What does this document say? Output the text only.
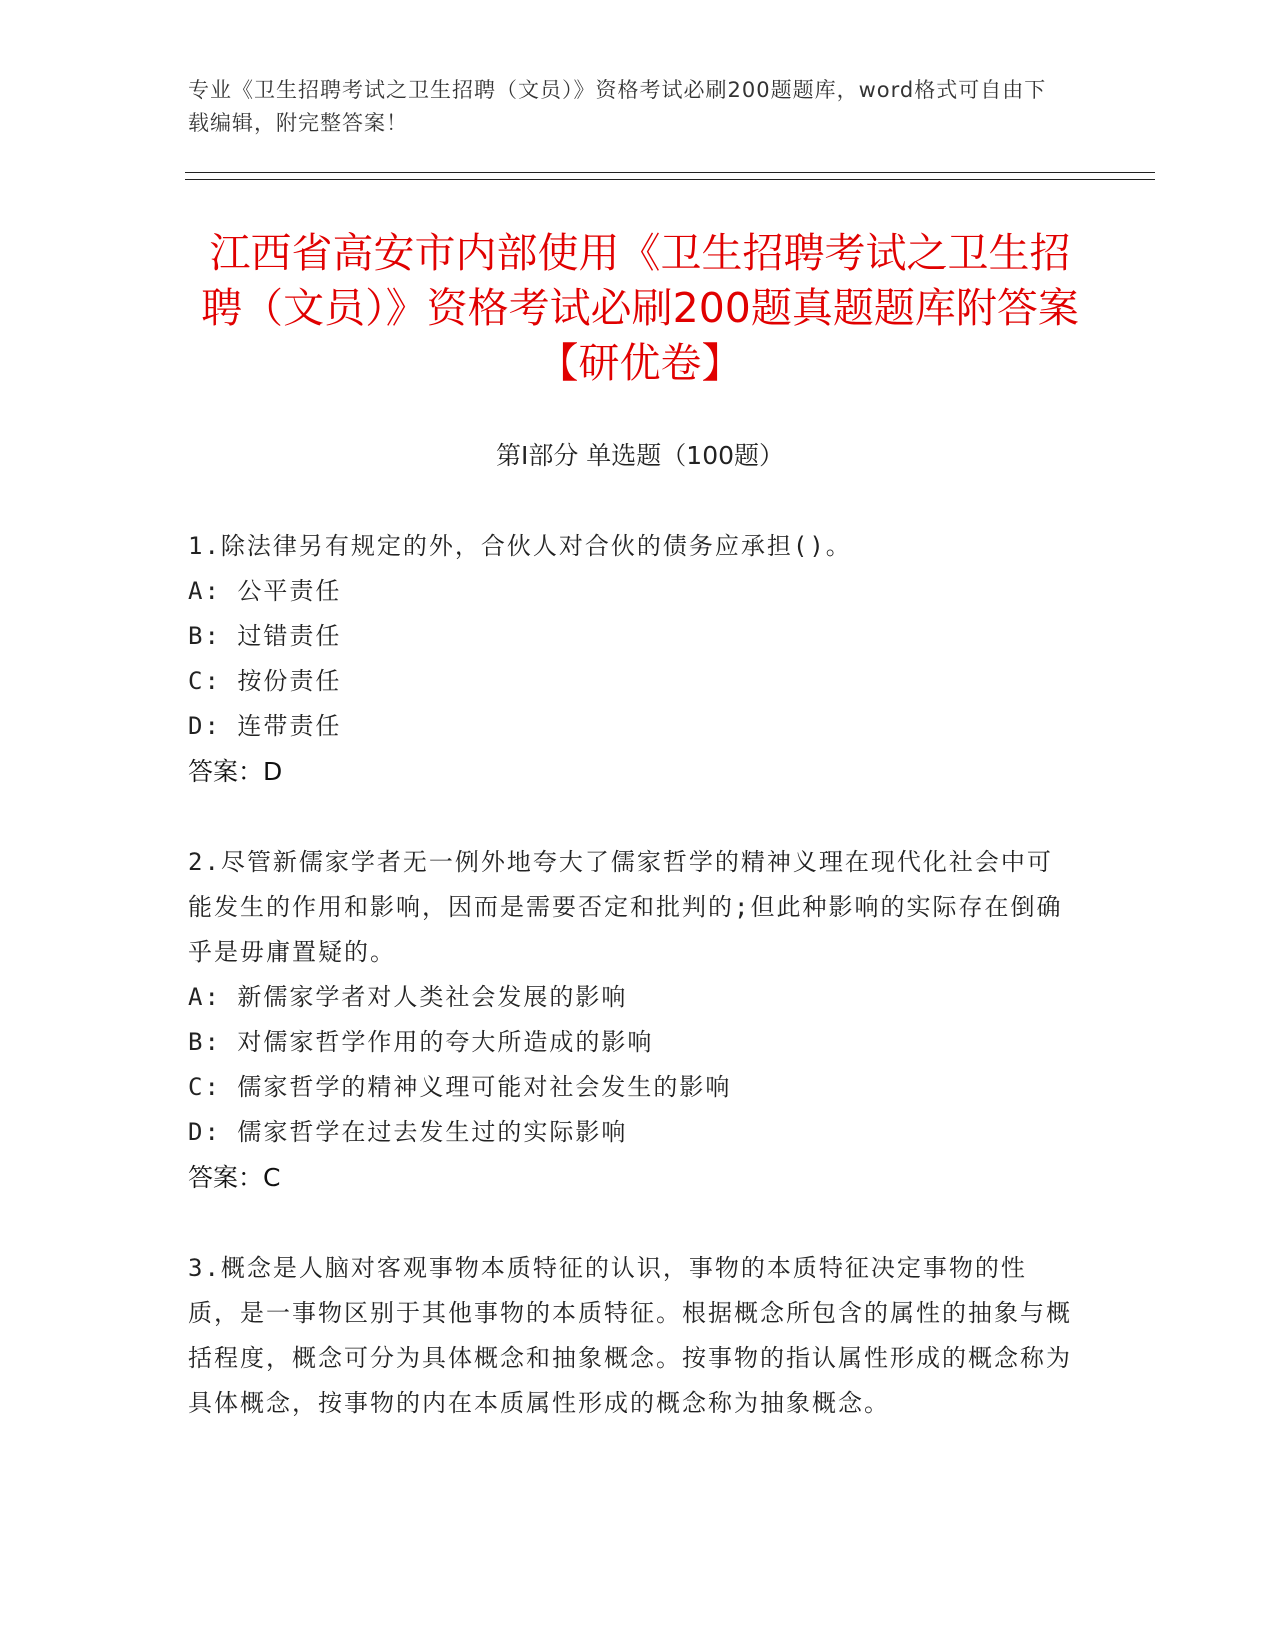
专业《卫生招聘考试之卫生招聘（文员）》资格考试必刷200题题库，word格式可自由下载编辑，附完整答案！

江西省高安市内部使用《卫生招聘考试之卫生招聘（文员）》资格考试必刷200题真题题库附答案【研优卷】
第Ⅰ部分 单选题（100题）

1.除法律另有规定的外，合伙人对合伙的债务应承担()。

A: 公平责任

B: 过错责任

C: 按份责任

D: 连带责任

答案：D

2.尽管新儒家学者无一例外地夸大了儒家哲学的精神义理在现代化社会中可能发生的作用和影响，因而是需要否定和批判的;但此种影响的实际存在倒确乎是毋庸置疑的。

A: 新儒家学者对人类社会发展的影响

B: 对儒家哲学作用的夸大所造成的影响

C: 儒家哲学的精神义理可能对社会发生的影响

D: 儒家哲学在过去发生过的实际影响

答案：C

3.概念是人脑对客观事物本质特征的认识，事物的本质特征决定事物的性质，是一事物区别于其他事物的本质特征。根据概念所包含的属性的抽象与概括程度，概念可分为具体概念和抽象概念。按事物的指认属性形成的概念称为具体概念，按事物的内在本质属性形成的概念称为抽象概念。
